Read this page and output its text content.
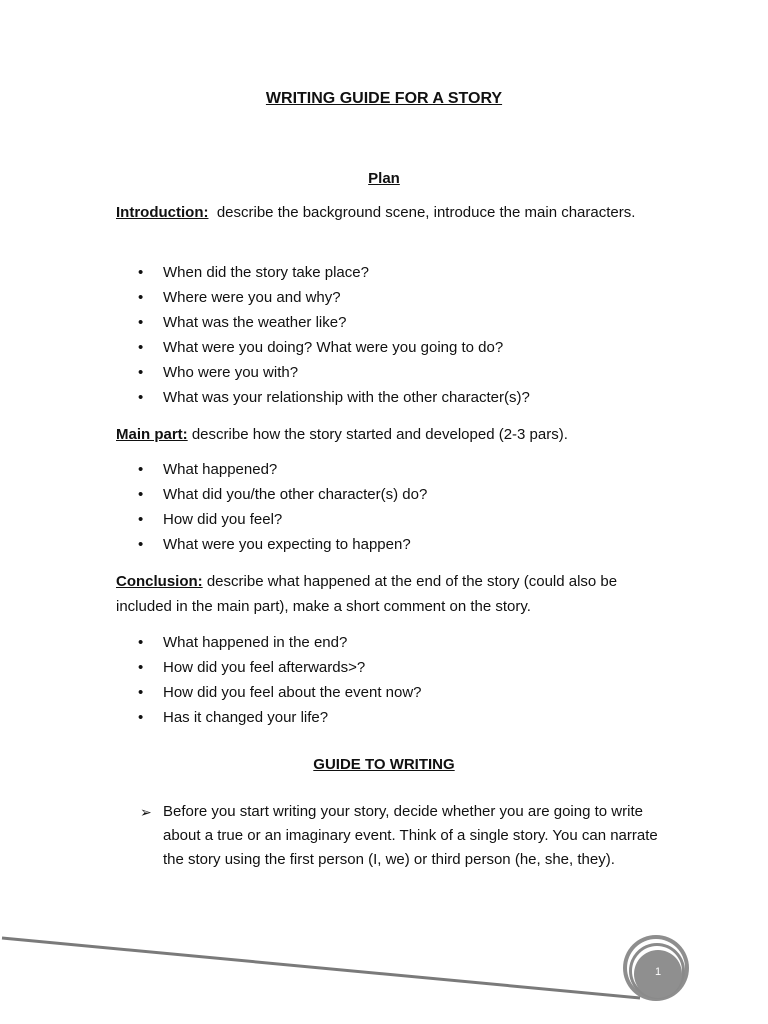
WRITING GUIDE FOR A STORY
Plan
Introduction: describe the background scene, introduce the main characters.
• When did the story take place?
• Where were you and why?
• What was the weather like?
• What were you doing? What were you going to do?
• Who were you with?
• What was your relationship with the other character(s)?
Main part: describe how the story started and developed (2-3 pars).
• What happened?
• What did you/the other character(s) do?
• How did you feel?
• What were you expecting to happen?
Conclusion: describe what happened at the end of the story (could also be included in the main part), make a short comment on the story.
• What happened in the end?
• How did you feel afterwards>?
• How did you feel about the event now?
• Has it changed your life?
GUIDE TO WRITING
➢ Before you start writing your story, decide whether you are going to write about a true or an imaginary event. Think of a single story. You can narrate the story using the first person (I, we) or third person (he, she, they).
1
